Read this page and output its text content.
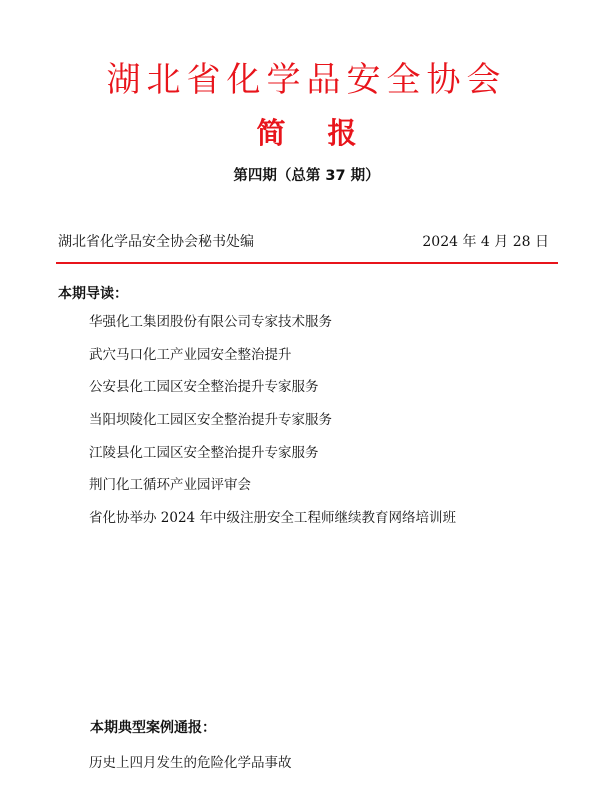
湖北省化学品安全协会
简报
第四期（总第 37 期）
湖北省化学品安全协会秘书处编	2024 年 4 月 28 日
本期导读：
华强化工集团股份有限公司专家技术服务
武穴马口化工产业园安全整治提升
公安县化工园区安全整治提升专家服务
当阳坝陵化工园区安全整治提升专家服务
江陵县化工园区安全整治提升专家服务
荆门化工循环产业园评审会
省化协举办 2024 年中级注册安全工程师继续教育网络培训班
本期典型案例通报：
历史上四月发生的危险化学品事故
